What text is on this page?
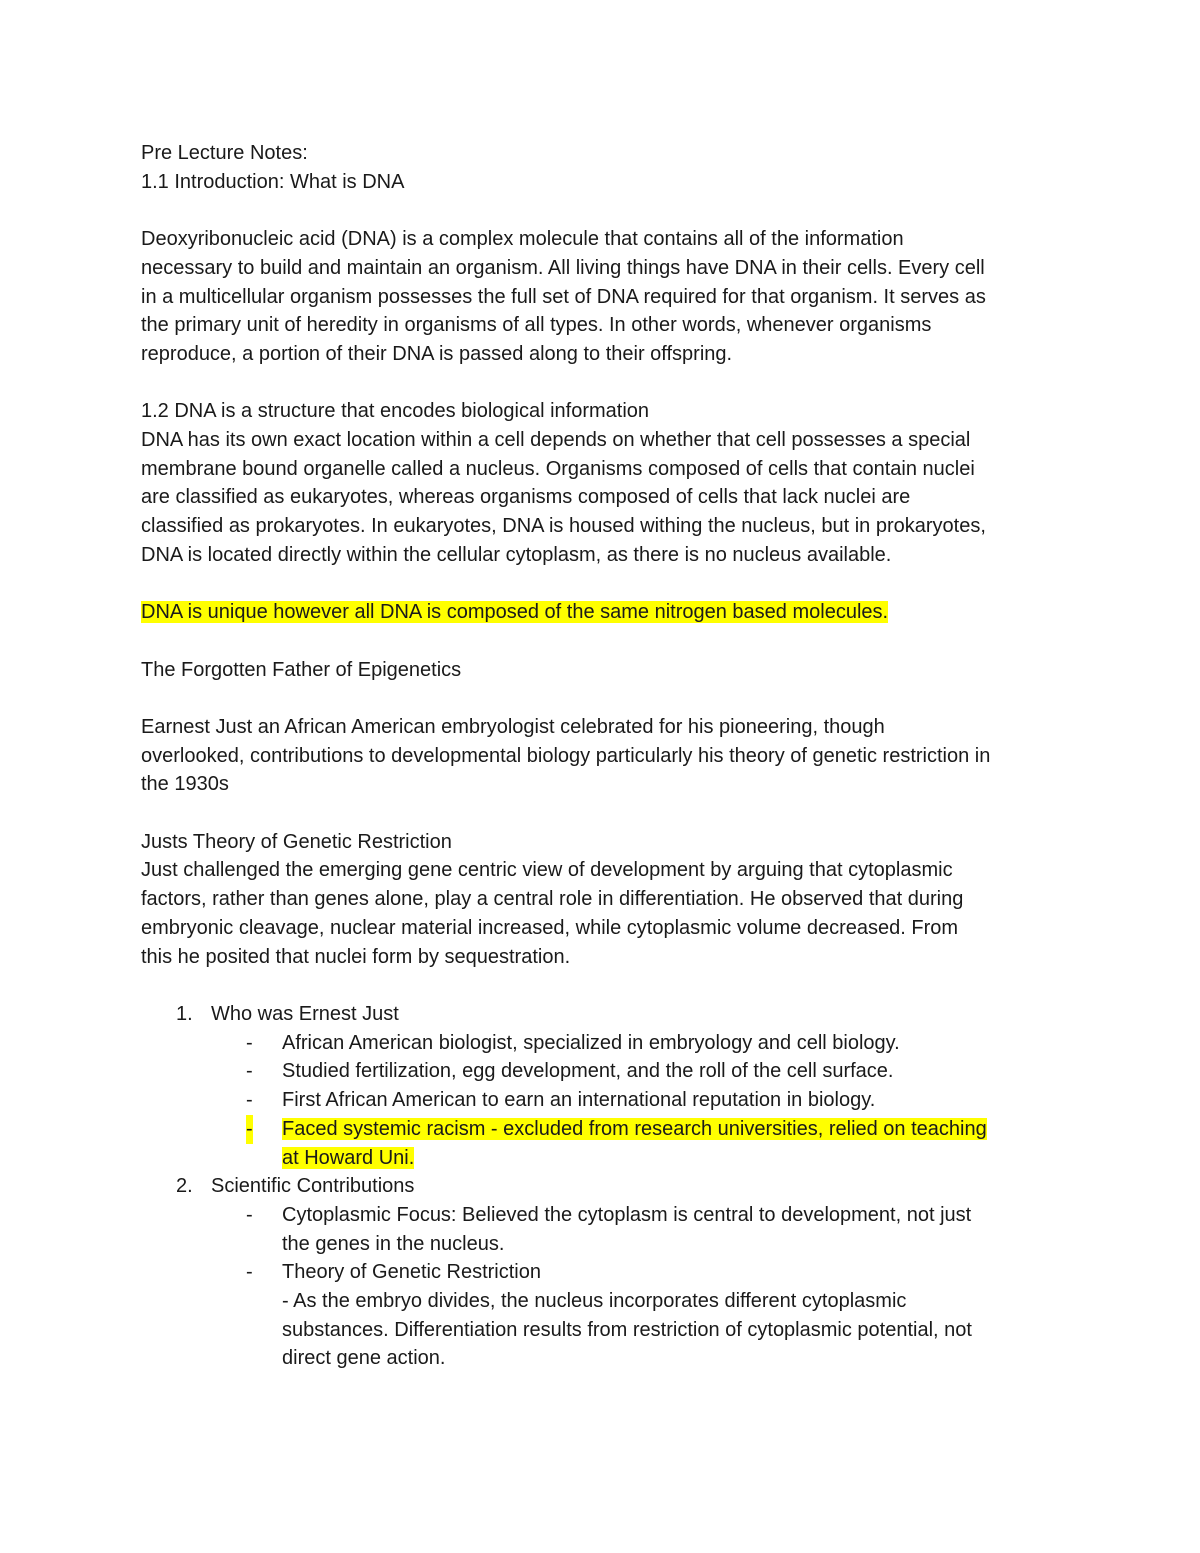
Pre Lecture Notes:
1.1 Introduction: What is DNA
Deoxyribonucleic acid (DNA) is a complex molecule that contains all of the information
necessary to build and maintain an organism. All living things have DNA in their cells. Every cell
in a multicellular organism possesses the full set of DNA required for that organism. It serves as
the primary unit of heredity in organisms of all types. In other words, whenever organisms
reproduce, a portion of their DNA is passed along to their offspring.
1.2 DNA is a structure that encodes biological information
DNA has its own exact location within a cell depends on whether that cell possesses a special
membrane bound organelle called a nucleus. Organisms composed of cells that contain nuclei
are classified as eukaryotes, whereas organisms composed of cells that lack nuclei are
classified as prokaryotes. In eukaryotes, DNA is housed withing the nucleus, but in prokaryotes,
DNA is located directly within the cellular cytoplasm, as there is no nucleus available.
DNA is unique however all DNA is composed of the same nitrogen based molecules.
The Forgotten Father of Epigenetics
Earnest Just an African American embryologist celebrated for his pioneering, though
overlooked, contributions to developmental biology particularly his theory of genetic restriction in
the 1930s
Justs Theory of Genetic Restriction
Just challenged the emerging gene centric view of development by arguing that cytoplasmic
factors, rather than genes alone, play a central role in differentiation. He observed that during
embryonic cleavage, nuclear material increased, while cytoplasmic volume decreased. From
this he posited that nuclei form by sequestration.
1. Who was Ernest Just
- African American biologist, specialized in embryology and cell biology.
- Studied fertilization, egg development, and the roll of the cell surface.
- First African American to earn an international reputation in biology.
- Faced systemic racism - excluded from research universities, relied on teaching
at Howard Uni.
2. Scientific Contributions
- Cytoplasmic Focus: Believed the cytoplasm is central to development, not just
the genes in the nucleus.
- Theory of Genetic Restriction
- As the embryo divides, the nucleus incorporates different cytoplasmic
substances. Differentiation results from restriction of cytoplasmic potential, not
direct gene action.
